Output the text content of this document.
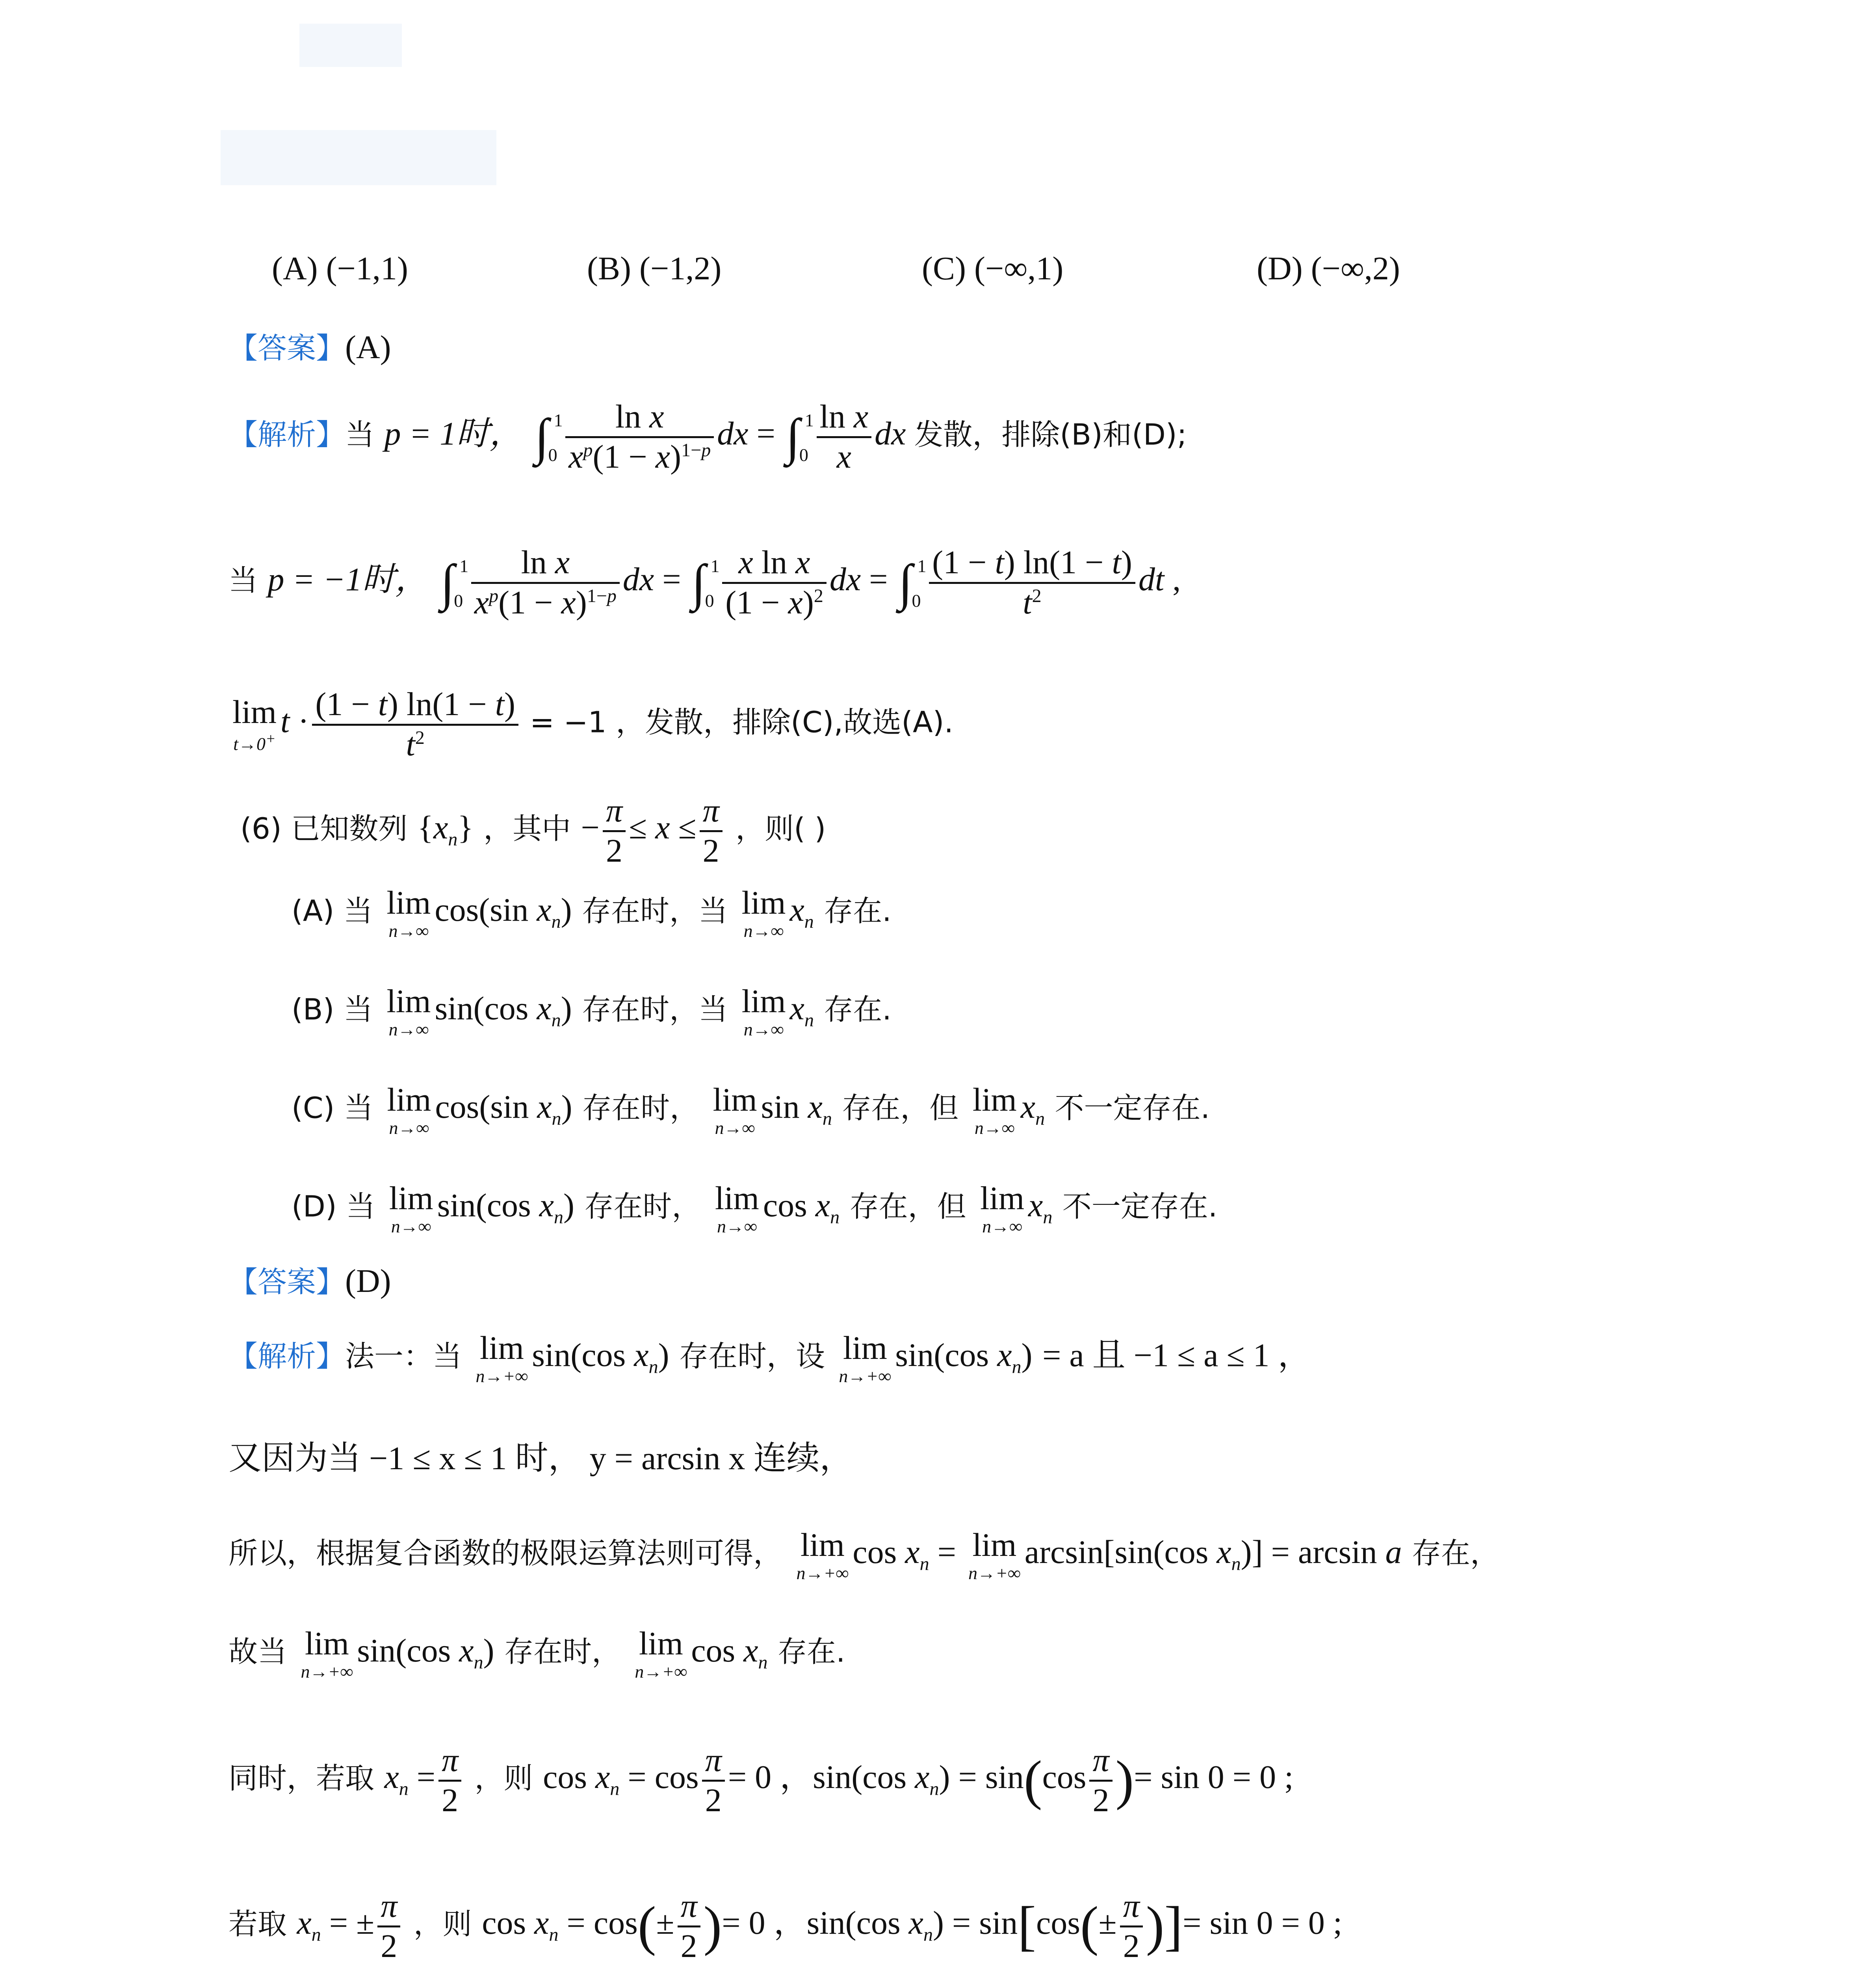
(A) (−1,1)	(B) (−1,2)	(C) (−∞,1)	(D) (−∞,2)
【答案】(A)
【解析】当 p = 1时， ∫ 1
$0 \frac{\text{ln x}}{x^p(1 - x)^{1-p}}$ dx = ∫ 1
$0 \frac{\text{ln x}}{x}$ dx 发散，排除(B)和(D);
当 p = −1时， ∫ 1
$0 \frac{\text{ln x}}{x^p(1 - x)^{1-p}}$ dx = ∫ 1
$0 \frac{\text{x ln x}}{(1 - x)^2}$ dx = ∫ 1
$0 \frac{(1 - t) \ln(1 - t)}{t^2}$ dt ,
lim
t→0+ $t \cdot \frac{(1 - t) \ln(1 - t)}{t^2} = -1$ ，发散，排除(C),故选(A).
(6) 已知数列 $\{x_n\}$ ，其中 − $\frac{\pi}{2} \le x \le \frac{\pi}{2}$ ，则( )
(A) 当 lim
n→∞
cos(sin $x_n$) 存在时，当 lim
n→∞
$x_n$ 存在.
(B) 当 lim
n→∞
sin(cos $x_n$) 存在时，当 lim
n→∞
$x_n$ 存在.
(C) 当 lim
n→∞
cos(sin $x_n$) 存在时， lim
n→∞
$\sin x_n$ 存在，但 lim
n→∞
$x_n$ 不一定存在.
(D) 当 lim
n→∞
sin(cos $x_n$) 存在时， lim
n→∞
$\cos x_n$ 存在，但 lim
n→∞
$x_n$ 不一定存在.
【答案】(D)
【解析】法一：当 lim
n→+∞
sin(cos $x_n$) 存在时，设 lim
n→+∞
sin(cos $x_n) = a$ 且 −1 ≤ a ≤ 1 ，
又因为当 −1 ≤ x ≤ 1 时， y = arcsin x 连续，
所以，根据复合函数的极限运算法则可得， lim
n→+∞
$\cos x_n = \lim$
n→+∞
arcsin[sin(cos $x_n)] = \arcsin a$ 存在，
故当 lim
n→+∞
sin(cos $x_n$) 存在时， lim
n→+∞
$\cos x_n$ 存在.
同时，若取 $x_n = \frac{\pi}{2}$ ，则 $\cos x_n = \cos \frac{\pi}{2} = 0$ ，sin(cos $x_n) = \sin(\cos \frac{\pi}{2}$ )= sin 0 = 0 ;
若取 $x_n$ = ± $\frac{\pi}{2}$ ，则 $\cos x_n = \cos(\pm \frac{\pi}{2}$ )= 0 ，sin(cos $x_n) = \sin[\cos(\pm \frac{\pi}{2}$ )]= sin 0 = 0 ;
